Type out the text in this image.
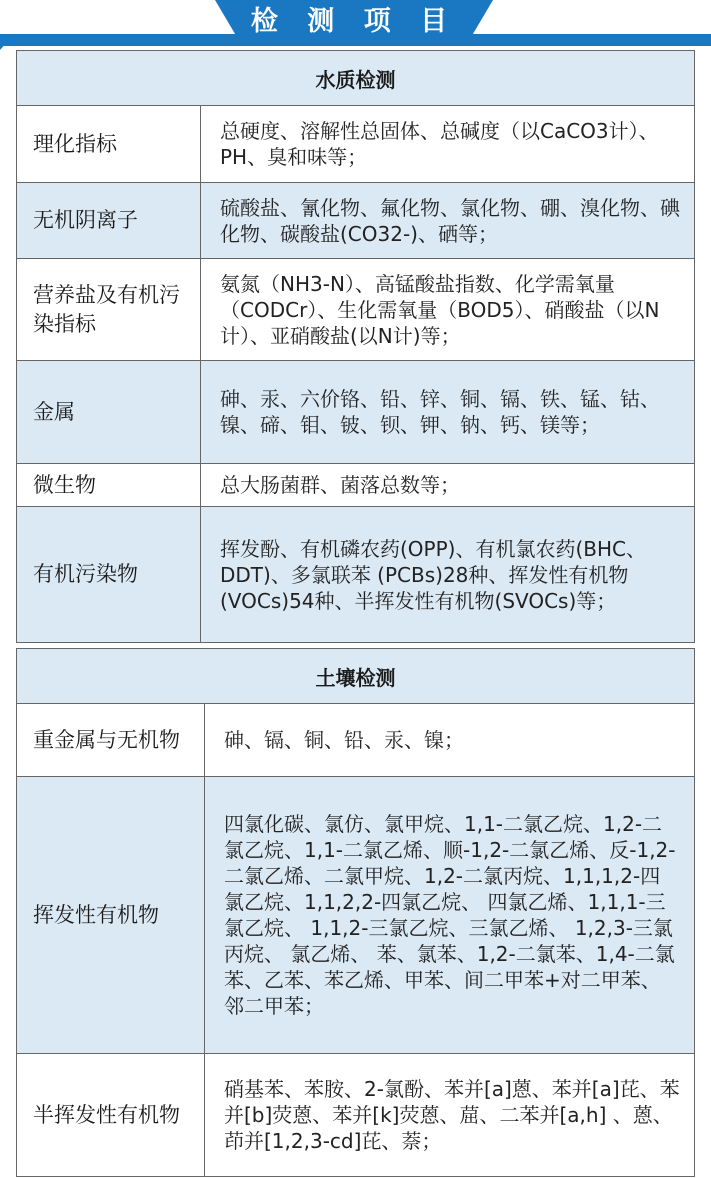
检 测 项 目
水质检测	
理化指标	总硬度、溶解性总固体、总碱度（以CaCO3计）、PH、臭和味等；
无机阴离子	硫酸盐、氰化物、氟化物、氯化物、硼、溴化物、碘化物、碳酸盐(CO32-)、硒等；
营养盐及有机污染指标	氨氮（NH3-N）、高锰酸盐指数、化学需氧量（CODCr）、生化需氧量（BOD5）、硝酸盐（以N计）、亚硝酸盐(以N计)等；
金属	砷、汞、六价铬、铅、锌、铜、镉、铁、锰、钴、镍、碲、钼、铍、钡、钾、钠、钙、镁等；
微生物	总大肠菌群、菌落总数等；
有机污染物	挥发酚、有机磷农药(OPP)、有机氯农药(BHC、DDT)、多氯联苯 (PCBs)28种、挥发性有机物(VOCs)54种、半挥发性有机物(SVOCs)等；
土壤检测	
重金属与无机物	砷、镉、铜、铅、汞、镍；
挥发性有机物	四氯化碳、氯仿、氯甲烷、1,1-二氯乙烷、1,2-二氯乙烷、1,1-二氯乙烯、顺-1,2-二氯乙烯、反-1,2-二氯乙烯、二氯甲烷、1,2-二氯丙烷、1,1,1,2-四氯乙烷、1,1,2,2-四氯乙烷、 四氯乙烯、1,1,1-三氯乙烷、 1,1,2-三氯乙烷、三氯乙烯、 1,2,3-三氯丙烷、 氯乙烯、 苯、氯苯、1,2-二氯苯、1,4-二氯苯、乙苯、苯乙烯、甲苯、间二甲苯+对二甲苯、邻二甲苯；
半挥发性有机物	硝基苯、苯胺、2-氯酚、苯并[a]蒽、苯并[a]芘、苯并[b]荧蒽、苯并[k]荧蒽、䓛、二苯并[a,h] 、蒽、茚并[1,2,3-cd]芘、萘；
